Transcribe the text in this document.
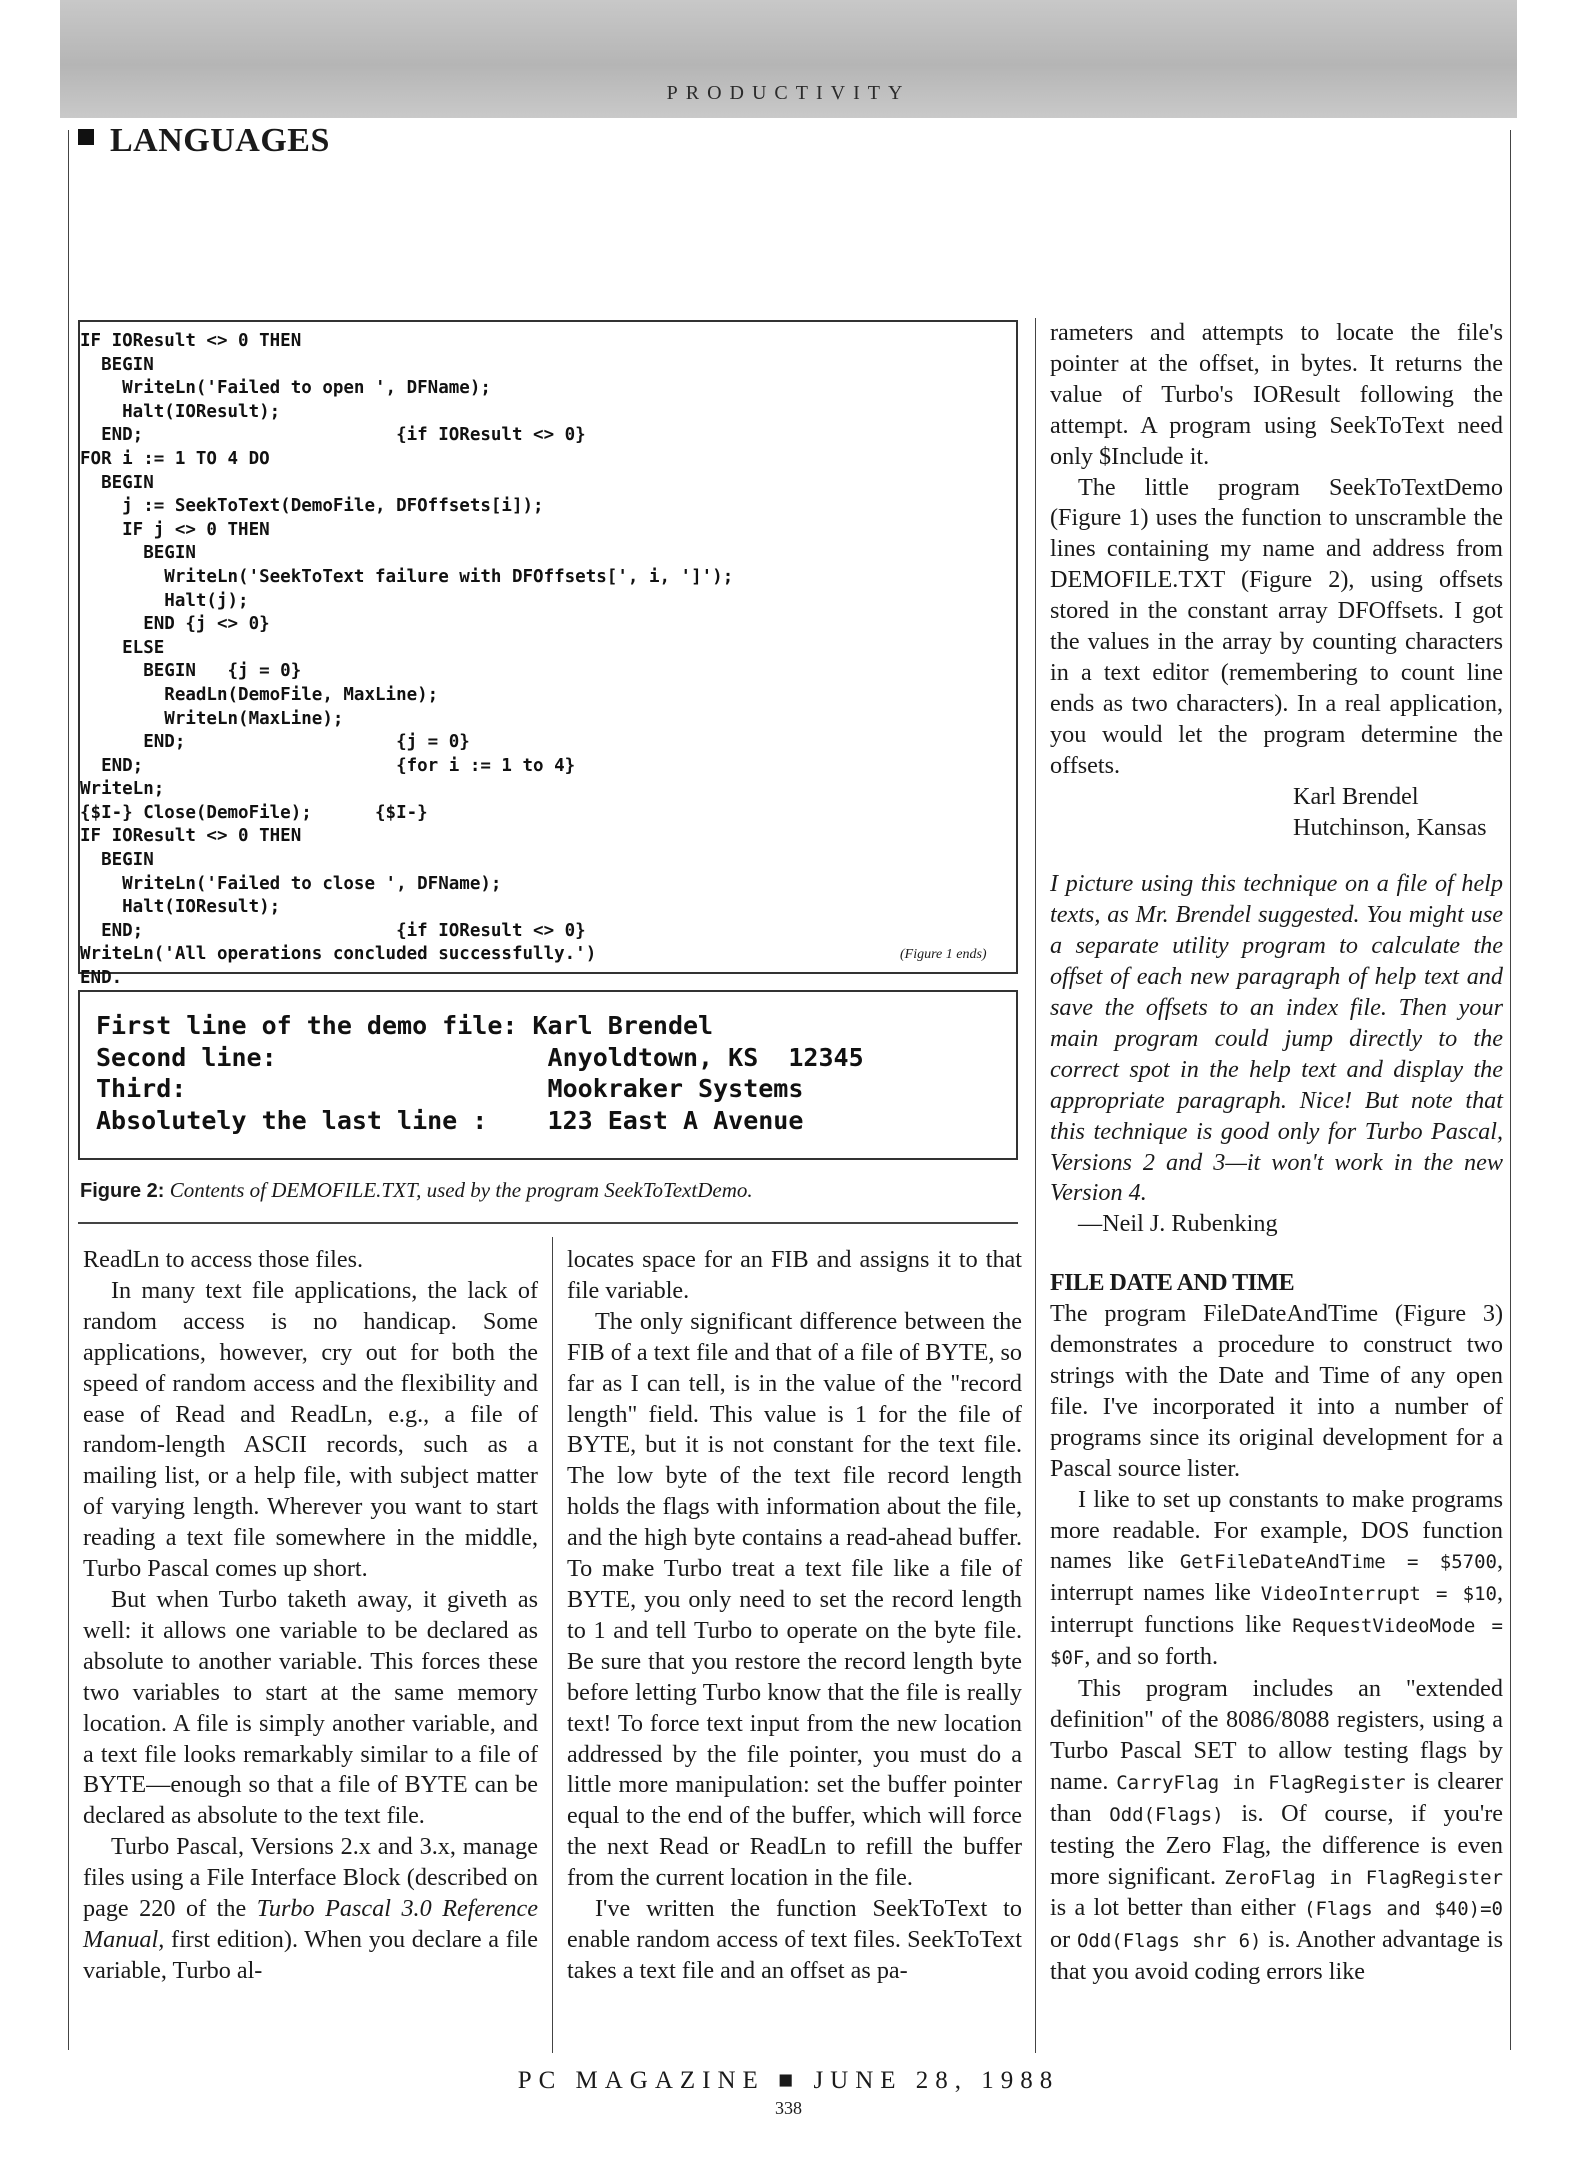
PRODUCTIVITY
LANGUAGES
IF IOResult <> 0 THEN
BEGIN
WriteLn('Failed to open ', DFName);
Halt(IOResult);
END;                        {if IOResult <> 0}
FOR i := 1 TO 4 DO
BEGIN
j := SeekToText(DemoFile, DFOffsets[i]);
IF j <> 0 THEN
BEGIN
WriteLn('SeekToText failure with DFOffsets[', i, ']');
Halt(j);
END {j <> 0}
ELSE
BEGIN   {j = 0}
ReadLn(DemoFile, MaxLine);
WriteLn(MaxLine);
END;                    {j = 0}
END;                        {for i := 1 to 4}
WriteLn;
{$I-} Close(DemoFile);      {$I-}
IF IOResult <> 0 THEN
BEGIN
WriteLn('Failed to close ', DFName);
Halt(IOResult);
END;                        {if IOResult <> 0}
WriteLn('All operations concluded successfully.')
END.
(Figure 1 ends)
First line of the demo file: Karl Brendel
Second line:                  Anyoldtown, KS  12345
Third:                        Mookraker Systems
Absolutely the last line :    123 East A Avenue
Figure 2: Contents of DEMOFILE.TXT, used by the program SeekToTextDemo.

ReadLn to access those files.

In many text file applications, the lack of random access is no handicap. Some applications, however, cry out for both the speed of random access and the flexibility and ease of Read and ReadLn, e.g., a file of random-length ASCII records, such as a mailing list, or a help file, with subject matter of varying length. Wherever you want to start reading a text file somewhere in the middle, Turbo Pascal comes up short.

But when Turbo taketh away, it giveth as well: it allows one variable to be declared as absolute to another variable. This forces these two variables to start at the same memory location. A file is simply another variable, and a text file looks remarkably similar to a file of BYTE—enough so that a file of BYTE can be declared as absolute to the text file.

Turbo Pascal, Versions 2.x and 3.x, manage files using a File Interface Block (described on page 220 of the Turbo Pascal 3.0 Reference Manual, first edition). When you declare a file variable, Turbo al-

locates space for an FIB and assigns it to that file variable.

The only significant difference between the FIB of a text file and that of a file of BYTE, so far as I can tell, is in the value of the "record length" field. This value is 1 for the file of BYTE, but it is not constant for the text file. The low byte of the text file record length holds the flags with information about the file, and the high byte contains a read-ahead buffer. To make Turbo treat a text file like a file of BYTE, you only need to set the record length to 1 and tell Turbo to operate on the byte file. Be sure that you restore the record length byte before letting Turbo know that the file is really text! To force text input from the new location addressed by the file pointer, you must do a little more manipulation: set the buffer pointer equal to the end of the buffer, which will force the next Read or ReadLn to refill the buffer from the current location in the file.

I've written the function SeekToText to enable random access of text files. SeekToText takes a text file and an offset as pa-

rameters and attempts to locate the file's pointer at the offset, in bytes. It returns the value of Turbo's IOResult following the attempt. A program using SeekToText need only $Include it.

The little program SeekToTextDemo (Figure 1) uses the function to unscramble the lines containing my name and address from DEMOFILE.TXT (Figure 2), using offsets stored in the constant array DFOffsets. I got the values in the array by counting characters in a text editor (remembering to count line ends as two characters). In a real application, you would let the program determine the offsets.

Karl Brendel

Hutchinson, Kansas

I picture using this technique on a file of help texts, as Mr. Brendel suggested. You might use a separate utility program to calculate the offset of each new paragraph of help text and save the offsets to an index file. Then your main program could jump directly to the correct spot in the help text and display the appropriate paragraph. Nice! But note that this technique is good only for Turbo Pascal, Versions 2 and 3—it won't work in the new Version 4.

—Neil J. Rubenking

FILE DATE AND TIME

The program FileDateAndTime (Figure 3) demonstrates a procedure to construct two strings with the Date and Time of any open file. I've incorporated it into a number of programs since its original development for a Pascal source lister.

I like to set up constants to make programs more readable. For example, DOS function names like GetFileDateAndTime = $5700, interrupt names like VideoInterrupt = $10, interrupt functions like RequestVideoMode = $0F, and so forth.

This program includes an "extended definition" of the 8086/8088 registers, using a Turbo Pascal SET to allow testing flags by name. CarryFlag in FlagRegister is clearer than Odd(Flags) is. Of course, if you're testing the Zero Flag, the difference is even more significant. ZeroFlag in FlagRegister is a lot better than either (Flags and $40)=0 or Odd(Flags shr 6) is. Another advantage is that you avoid coding errors like

PC MAGAZINE ■ JUNE 28, 1988
338
